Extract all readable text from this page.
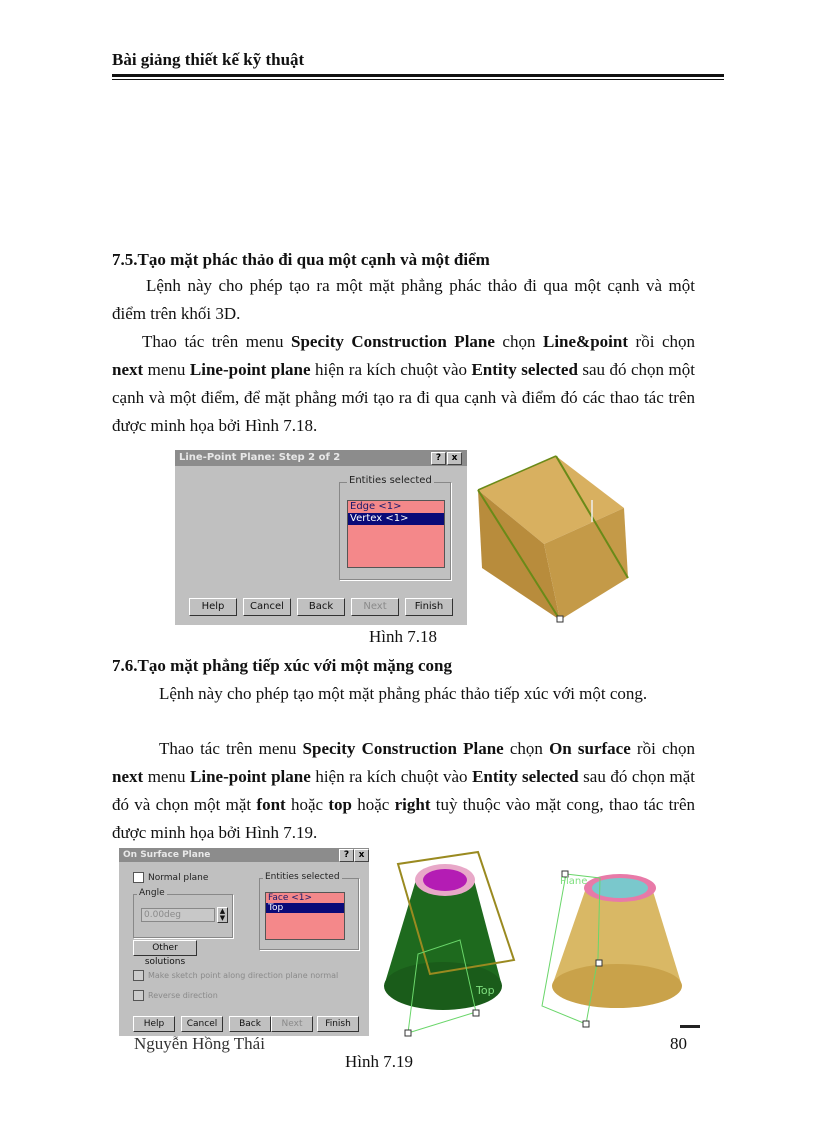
Bài giảng thiết kế kỹ thuật
7.5.Tạo mặt phác thảo đi qua một cạnh và một điểm
Lệnh này cho phép tạo ra một mặt phẳng phác thảo đi qua một cạnh và một điểm trên khối 3D.
Thao tác trên menu Specity Construction Plane chọn Line&point rồi chọn next menu Line-point plane hiện ra kích chuột vào Entity selected sau đó chọn một cạnh và một điểm, để mặt phẳng mới tạo ra đi qua cạnh và điểm đó các thao tác trên được minh họa bởi Hình 7.18.
Line-Point Plane: Step 2 of 2	?	x
Entities selected
Edge <1>
Vertex <1>
Help	Cancel	Back	Next	Finish
Hình 7.18
7.6.Tạo mặt phẳng tiếp xúc với một mặng cong
Lệnh này cho phép tạo một mặt phẳng phác thảo tiếp xúc với một cong.
Thao tác trên menu Specity Construction Plane chọn On surface rồi chọn next menu Line-point plane hiện ra kích chuột vào Entity selected sau đó chọn mặt đó và chọn một mặt font hoặc top hoặc right tuỳ thuộc vào mặt cong, thao tác trên được minh họa bởi Hình 7.19.
On Surface Plane	?	x
Normal plane
Angle
0.00deg	▲
▼
Other solutions
Entities selected
Face <1>
Top
Make sketch point along direction plane normal
Reverse direction
Help	Cancel	Back	Next	Finish
Top
Plane
Nguyễn Hồng Thái	80
Hình 7.19
